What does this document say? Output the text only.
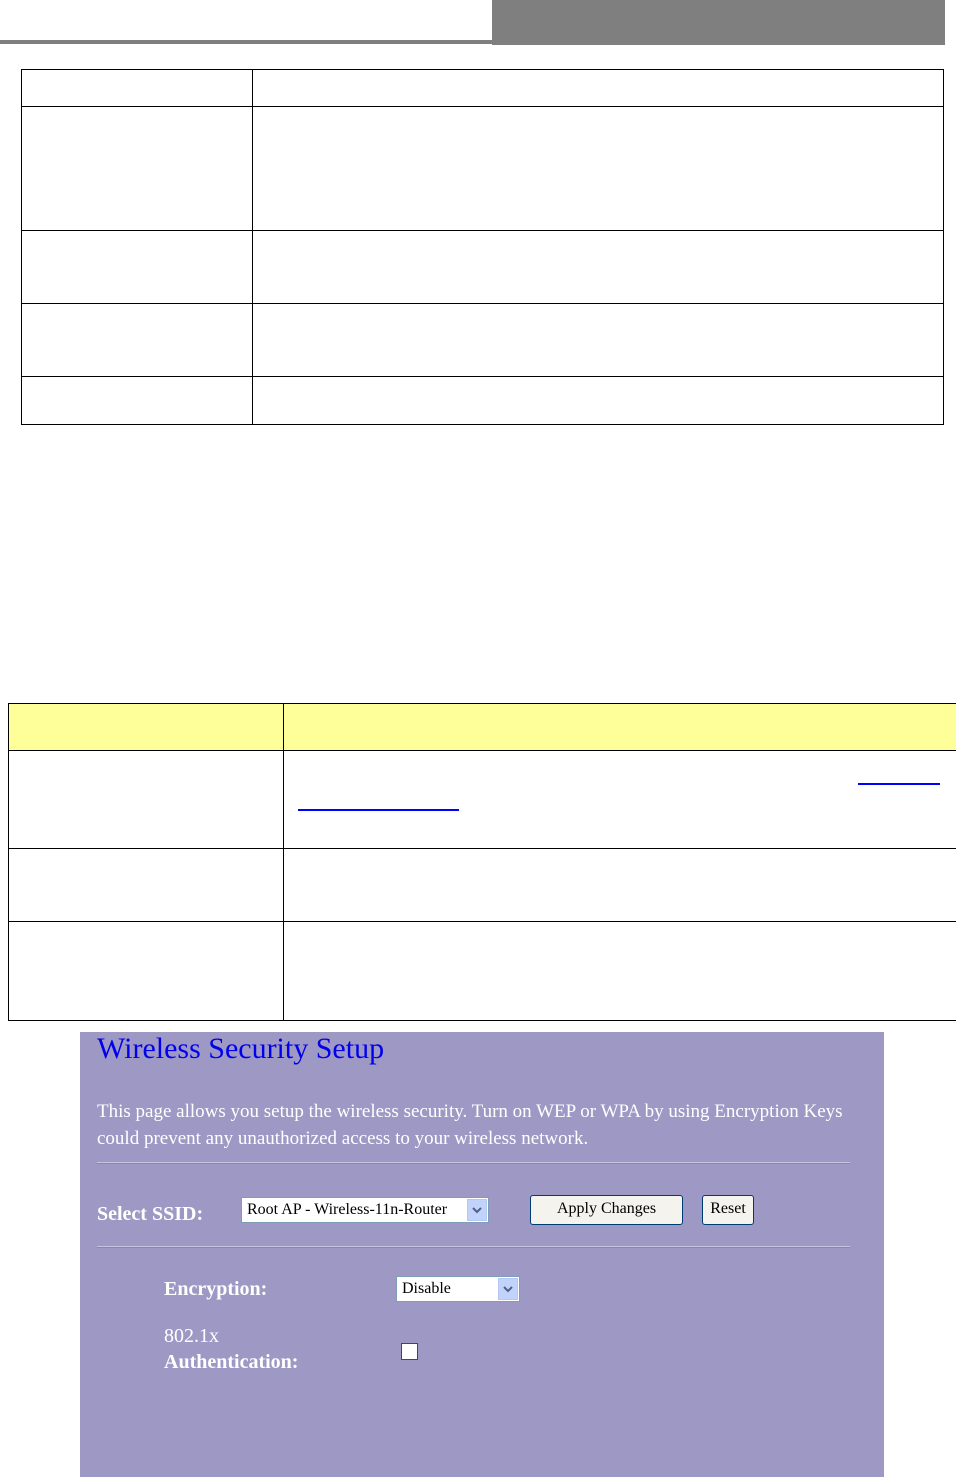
Wireless Security Setup
This page allows you setup the wireless security. Turn on WEP or WPA by using Encryption Keys could prevent any unauthorized access to your wireless network.
Select SSID:	Root AP - Wireless-11n-Router	Apply Changes	Reset
Encryption:	Disable
802.1x
Authentication:
